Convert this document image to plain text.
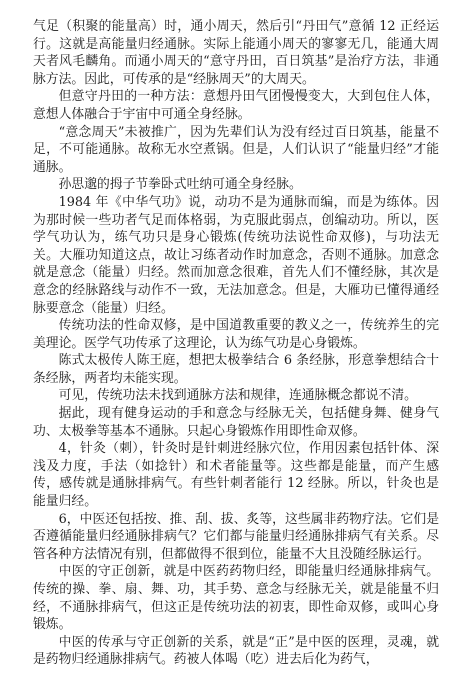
气足（积聚的能量高）时，通小周天，然后引“丹田气”意循 12 正经运行。这就是高能量归经通脉。实际上能通小周天的寥寥无几，能通大周天者风毛麟角。而通小周天的“意守丹田，百日筑基”是治疗方法，非通脉方法。因此，可传承的是“经脉周天”的大周天。

但意守丹田的一种方法：意想丹田气团慢慢变大，大到包住人体，意想人体融合于宇宙中可通全身经脉。

“意念周天”未被推广，因为先辈们认为没有经过百日筑基，能量不足，不可能通脉。故称无水空煮锅。但是，人们认识了“能量归经”才能通脉。

孙思邈的拇子节拳卧式吐纳可通全身经脉。

1984 年《中华气功》说，动功不是为通脉而编，而是为练体。因为那时候一些功者气足而体格弱，为克服此弱点，创编动功。所以，医学气功认为，练气功只是身心锻炼(传统功法说性命双修)，与功法无关。大雁功知道这点，故让习练者动作时加意念，否则不通脉。加意念就是意念（能量）归经。然而加意念很难，首先人们不懂经脉，其次是意念的经脉路线与动作不一致，无法加意念。但是，大雁功已懂得通经脉要意念（能量）归经。

传统功法的性命双修，是中国道教重要的教义之一，传统养生的完美理论。医学气功传承了这理论，认为练气功是心身锻炼。

陈式太极传人陈王庭，想把太极拳结合 6 条经脉，形意拳想结合十条经脉，两者均未能实现。

可见，传统功法未找到通脉方法和规律，连通脉概念都说不清。

据此，现有健身运动的手和意念与经脉无关，包括健身舞、健身气功、太极拳等基本不通脉。只起心身锻炼作用即性命双修。

4，针灸（刺），针灸时是针刺进经脉穴位，作用因素包括针体、深浅及力度，手法（如捻针）和术者能量等。这些都是能量，而产生感传，感传就是通脉排病气。有些针刺者能行 12 经脉。所以，针灸也是能量归经。

6，中医还包括按、推、刮、拔、炙等，这些属非药物疗法。它们是否遵循能量归经通脉排病气？它们都与能量归经通脉排病气有关系。尽管各种方法情况有别，但都做得不很到位，能量不大且没随经脉运行。

中医的守正创新，就是中医药药物归经，即能量归经通脉排病气。传统的操、拳、扇、舞、功，其手势、意念与经脉无关，就是能量不归经，不通脉排病气，但这正是传统功法的初衷，即性命双修，或叫心身锻炼。

中医的传承与守正创新的关系，就是“正”是中医的医理，灵魂，就是药物归经通脉排病气。药被人体喝（吃）进去后化为药气，
